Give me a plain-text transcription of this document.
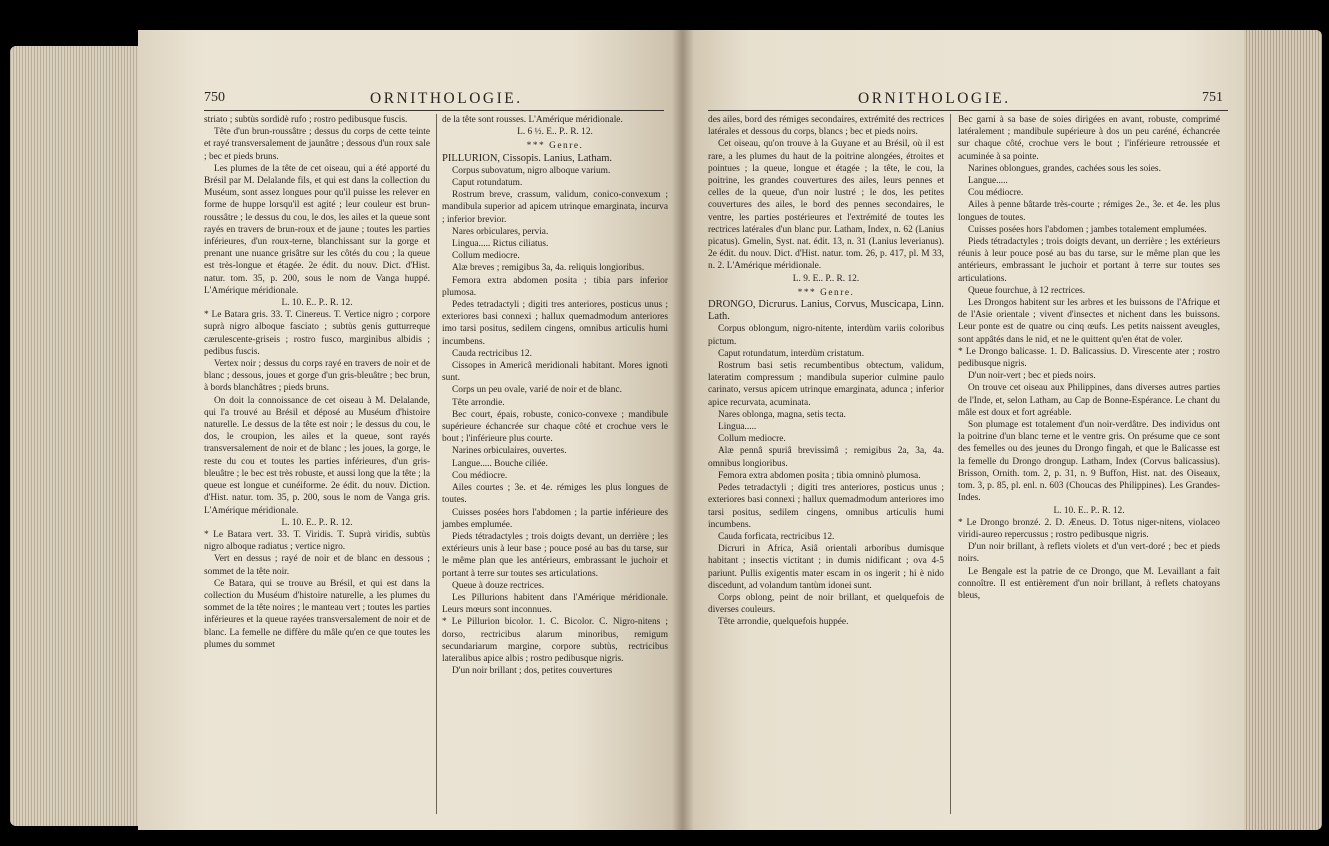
750	ORNITHOLOGIE.

striato ; subtùs sordidè rufo ; rostro pedibusque fuscis.

Tête d'un brun-roussâtre ; dessus du corps de cette teinte et rayé transversalement de jaunâtre ; dessous d'un roux sale ; bec et pieds bruns.

Les plumes de la tête de cet oiseau, qui a été apporté du Brésil par M. Delalande fils, et qui est dans la collection du Muséum, sont assez longues pour qu'il puisse les relever en forme de huppe lorsqu'il est agité ; leur couleur est brun-roussâtre ; le dessus du cou, le dos, les ailes et la queue sont rayés en travers de brun-roux et de jaune ; toutes les parties inférieures, d'un roux-terne, blanchissant sur la gorge et prenant une nuance grisâtre sur les côtés du cou ; la queue est très-longue et étagée. 2e édit. du nouv. Dict. d'Hist. natur. tom. 35, p. 200, sous le nom de Vanga huppé. L'Amérique méridionale.

L. 10. E.. P.. R. 12.

* Le Batara gris. 33. T. Cinereus. T. Vertice nigro ; corpore suprà nigro alboque fasciato ; subtùs genis gutturreque cærulescente-griseis ; rostro fusco, marginibus albidis ; pedibus fuscis.

Vertex noir ; dessus du corps rayé en travers de noir et de blanc ; dessous, joues et gorge d'un gris-bleuâtre ; bec brun, à bords blanchâtres ; pieds bruns.

On doit la connoissance de cet oiseau à M. Delalande, qui l'a trouvé au Brésil et déposé au Muséum d'histoire naturelle. Le dessus de la tête est noir ; le dessus du cou, le dos, le croupion, les ailes et la queue, sont rayés transversalement de noir et de blanc ; les joues, la gorge, le reste du cou et toutes les parties inférieures, d'un gris-bleuâtre ; le bec est très robuste, et aussi long que la tête ; la queue est longue et cunéiforme. 2e édit. du nouv. Diction. d'Hist. natur. tom. 35, p. 200, sous le nom de Vanga gris. L'Amérique méridionale.

L. 10. E.. P.. R. 12.

* Le Batara vert. 33. T. Viridis. T. Suprà viridis, subtùs nigro alboque radiatus ; vertice nigro.

Vert en dessus ; rayé de noir et de blanc en dessous ; sommet de la tête noir.

Ce Batara, qui se trouve au Brésil, et qui est dans la collection du Muséum d'histoire naturelle, a les plumes du sommet de la tête noires ; le manteau vert ; toutes les parties inférieures et la queue rayées transversalement de noir et de blanc. La femelle ne diffère du mâle qu'en ce que toutes les plumes du sommet

de la tête sont rousses. L'Amérique méridionale.

L. 6 ½. E.. P.. R. 12.

*** Genre.

PILLURION, Cissopis. Lanius, Latham.

Corpus subovatum, nigro alboque varium.

Caput rotundatum.

Rostrum breve, crassum, validum, conico-convexum ; mandibula superior ad apicem utrinque emarginata, incurva ; inferior brevior.

Nares orbiculares, pervia.

Lingua..... Rictus ciliatus.

Collum mediocre.

Alæ breves ; remigibus 3a, 4a. reliquis longioribus.

Femora extra abdomen posita ; tibia pars inferior plumosa.

Pedes tetradactyli ; digiti tres anteriores, posticus unus ; exteriores basi connexi ; hallux quemadmodum anteriores imo tarsi positus, sedilem cingens, omnibus articulis humi incumbens.

Cauda rectricibus 12.

Cissopes in Americâ meridionali habitant. Mores ignoti sunt.

Corps un peu ovale, varié de noir et de blanc.

Tête arrondie.

Bec court, épais, robuste, conico-convexe ; mandibule supérieure échancrée sur chaque côté et crochue vers le bout ; l'inférieure plus courte.

Narines orbiculaires, ouvertes.

Langue..... Bouche ciliée.

Cou médiocre.

Ailes courtes ; 3e. et 4e. rémiges les plus longues de toutes.

Cuisses posées hors l'abdomen ; la partie inférieure des jambes emplumée.

Pieds tétradactyles ; trois doigts devant, un derrière ; les extérieurs unis à leur base ; pouce posé au bas du tarse, sur le même plan que les antérieurs, embrassant le juchoir et portant à terre sur toutes ses articulations.

Queue à douze rectrices.

Les Pillurions habitent dans l'Amérique méridionale. Leurs mœurs sont inconnues.

* Le Pillurion bicolor. 1. C. Bicolor. C. Nigro-nitens ; dorso, rectricibus alarum minoribus, remigum secundariarum margine, corpore subtùs, rectricibus lateralibus apice albis ; rostro pedibusque nigris.

D'un noir brillant ; dos, petites couvertures

ORNITHOLOGIE.	751

des ailes, bord des rémiges secondaires, extrémité des rectrices latérales et dessous du corps, blancs ; bec et pieds noirs.

Cet oiseau, qu'on trouve à la Guyane et au Brésil, où il est rare, a les plumes du haut de la poitrine alongées, étroites et pointues ; la queue, longue et étagée ; la tête, le cou, la poitrine, les grandes couvertures des ailes, leurs pennes et celles de la queue, d'un noir lustré ; le dos, les petites couvertures des ailes, le bord des pennes secondaires, le ventre, les parties postérieures et l'extrémité de toutes les rectrices latérales d'un blanc pur. Latham, Index, n. 62 (Lanius picatus). Gmelin, Syst. nat. édit. 13, n. 31 (Lanius leverianus). 2e édit. du nouv. Dict. d'Hist. natur. tom. 26, p. 417, pl. M 33, n. 2. L'Amérique méridionale.

L. 9. E.. P.. R. 12.

*** Genre.

DRONGO, Dicrurus. Lanius, Corvus, Muscicapa, Linn. Lath.

Corpus oblongum, nigro-nitente, interdùm variis coloribus pictum.

Caput rotundatum, interdùm cristatum.

Rostrum basi setis recumbentibus obtectum, validum, lateratim compressum ; mandibula superior culmine paulo carinato, versus apicem utrinque emarginata, adunca ; inferior apice recurvata, acuminata.

Nares oblonga, magna, setis tecta.

Lingua.....

Collum mediocre.

Alæ pennâ spuriâ brevissimâ ; remigibus 2a, 3a, 4a. omnibus longioribus.

Femora extra abdomen posita ; tibia omninò plumosa.

Pedes tetradactyli ; digiti tres anteriores, posticus unus ; exteriores basi connexi ; hallux quemadmodum anteriores imo tarsi positus, sedilem cingens, omnibus articulis humi incumbens.

Cauda forficata, rectricibus 12.

Dicruri in Africa, Asiâ orientali arboribus dumisque habitant ; insectis victitant ; in dumis nidificant ; ova 4-5 pariunt. Pullis exigentis mater escam in os ingerit ; hi è nido discedunt, ad volandum tantùm idonei sunt.

Corps oblong, peint de noir brillant, et quelquefois de diverses couleurs.

Tête arrondie, quelquefois huppée.

Bec garni à sa base de soies dirigées en avant, robuste, comprimé latéralement ; mandibule supérieure à dos un peu caréné, échancrée sur chaque côté, crochue vers le bout ; l'inférieure retroussée et acuminée à sa pointe.

Narines oblongues, grandes, cachées sous les soies.

Langue.....

Cou médiocre.

Ailes à penne bâtarde très-courte ; rémiges 2e., 3e. et 4e. les plus longues de toutes.

Cuisses posées hors l'abdomen ; jambes totalement emplumées.

Pieds tétradactyles ; trois doigts devant, un derrière ; les extérieurs réunis à leur pouce posé au bas du tarse, sur le même plan que les antérieurs, embrassant le juchoir et portant à terre sur toutes ses articulations.

Queue fourchue, à 12 rectrices.

Les Drongos habitent sur les arbres et les buissons de l'Afrique et de l'Asie orientale ; vivent d'insectes et nichent dans les buissons. Leur ponte est de quatre ou cinq œufs. Les petits naissent aveugles, sont appâtés dans le nid, et ne le quittent qu'en état de voler.

* Le Drongo balicasse. 1. D. Balicassius. D. Virescente ater ; rostro pedibusque nigris.

D'un noir-vert ; bec et pieds noirs.

On trouve cet oiseau aux Philippines, dans diverses autres parties de l'Inde, et, selon Latham, au Cap de Bonne-Espérance. Le chant du mâle est doux et fort agréable.

Son plumage est totalement d'un noir-verdâtre. Des individus ont la poitrine d'un blanc terne et le ventre gris. On présume que ce sont des femelles ou des jeunes du Drongo fingah, et que le Balicasse est la femelle du Drongo drongup. Latham, Index (Corvus balicassius). Brisson, Ornith. tom. 2, p. 31, n. 9 Buffon, Hist. nat. des Oiseaux, tom. 3, p. 85, pl. enl. n. 603 (Choucas des Philippines). Les Grandes-Indes.

L. 10. E.. P.. R. 12.

* Le Drongo bronzé. 2. D. Æneus. D. Totus niger-nitens, violaceo viridi-aureo repercussus ; rostro pedibusque nigris.

D'un noir brillant, à reflets violets et d'un vert-doré ; bec et pieds noirs.

Le Bengale est la patrie de ce Drongo, que M. Levaillant a fait connoître. Il est entièrement d'un noir brillant, à reflets chatoyans bleus,
